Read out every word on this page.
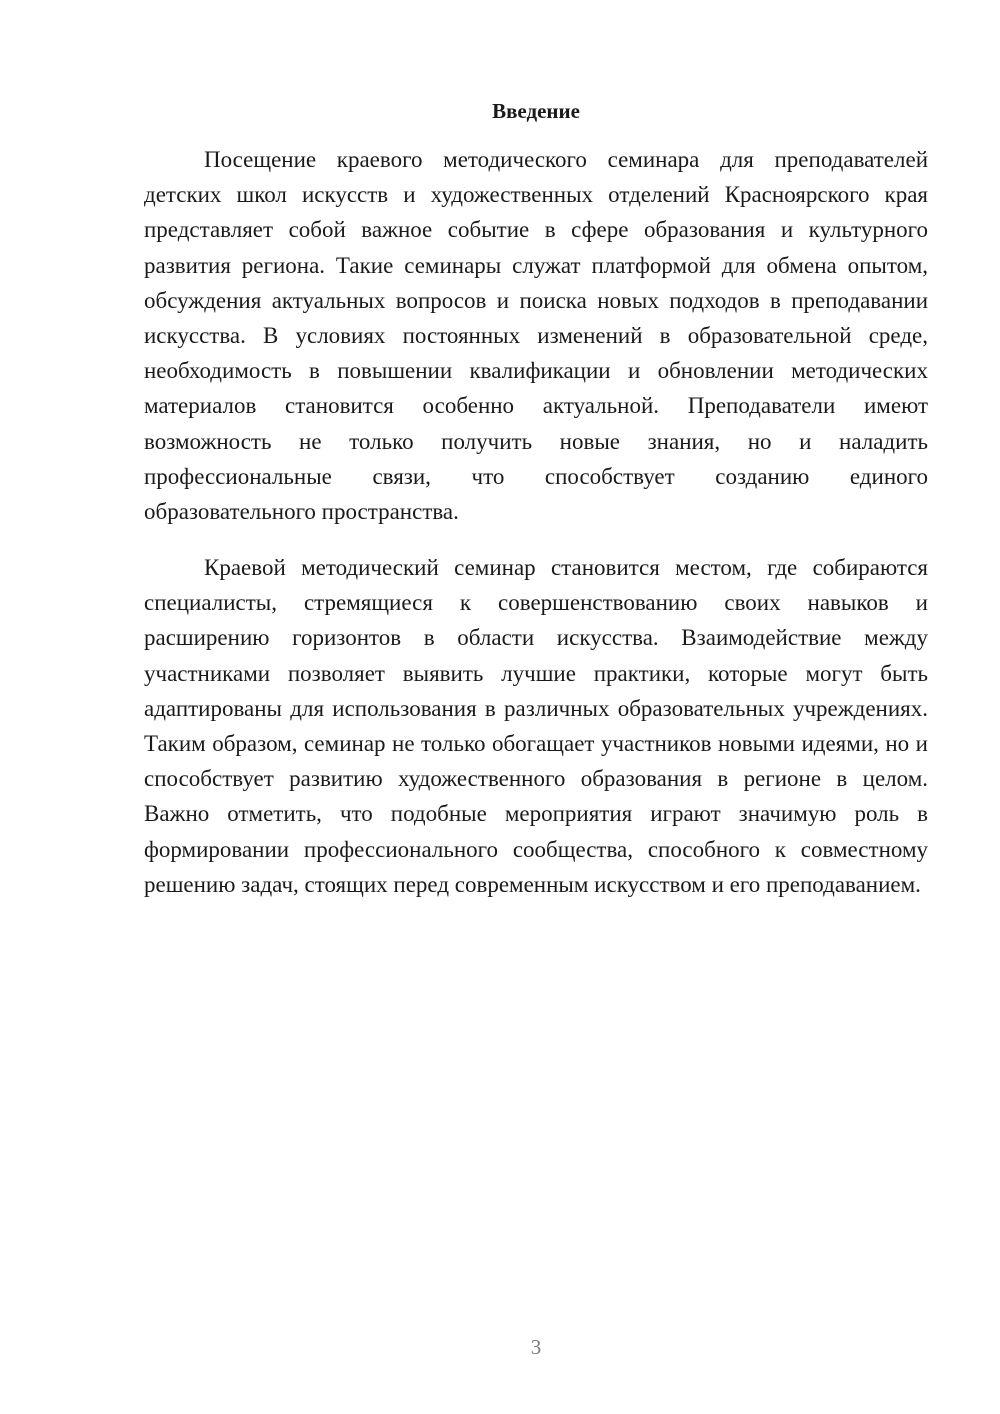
Введение

Посещение краевого методического семинара для преподавателей детских школ искусств и художественных отделений Красноярского края представляет собой важное событие в сфере образования и культурного развития региона. Такие семинары служат платформой для обмена опытом, обсуждения актуальных вопросов и поиска новых подходов в преподавании искусства. В условиях постоянных изменений в образовательной среде, необходимость в повышении квалификации и обновлении методических материалов становится особенно актуальной. Преподаватели имеют возможность не только получить новые знания, но и наладить профессиональные связи, что способствует созданию единого образовательного пространства.

Краевой методический семинар становится местом, где собираются специалисты, стремящиеся к совершенствованию своих навыков и расширению горизонтов в области искусства. Взаимодействие между участниками позволяет выявить лучшие практики, которые могут быть адаптированы для использования в различных образовательных учреждениях. Таким образом, семинар не только обогащает участников новыми идеями, но и способствует развитию художественного образования в регионе в целом. Важно отметить, что подобные мероприятия играют значимую роль в формировании профессионального сообщества, способного к совместному решению задач, стоящих перед современным искусством и его преподаванием.

3
